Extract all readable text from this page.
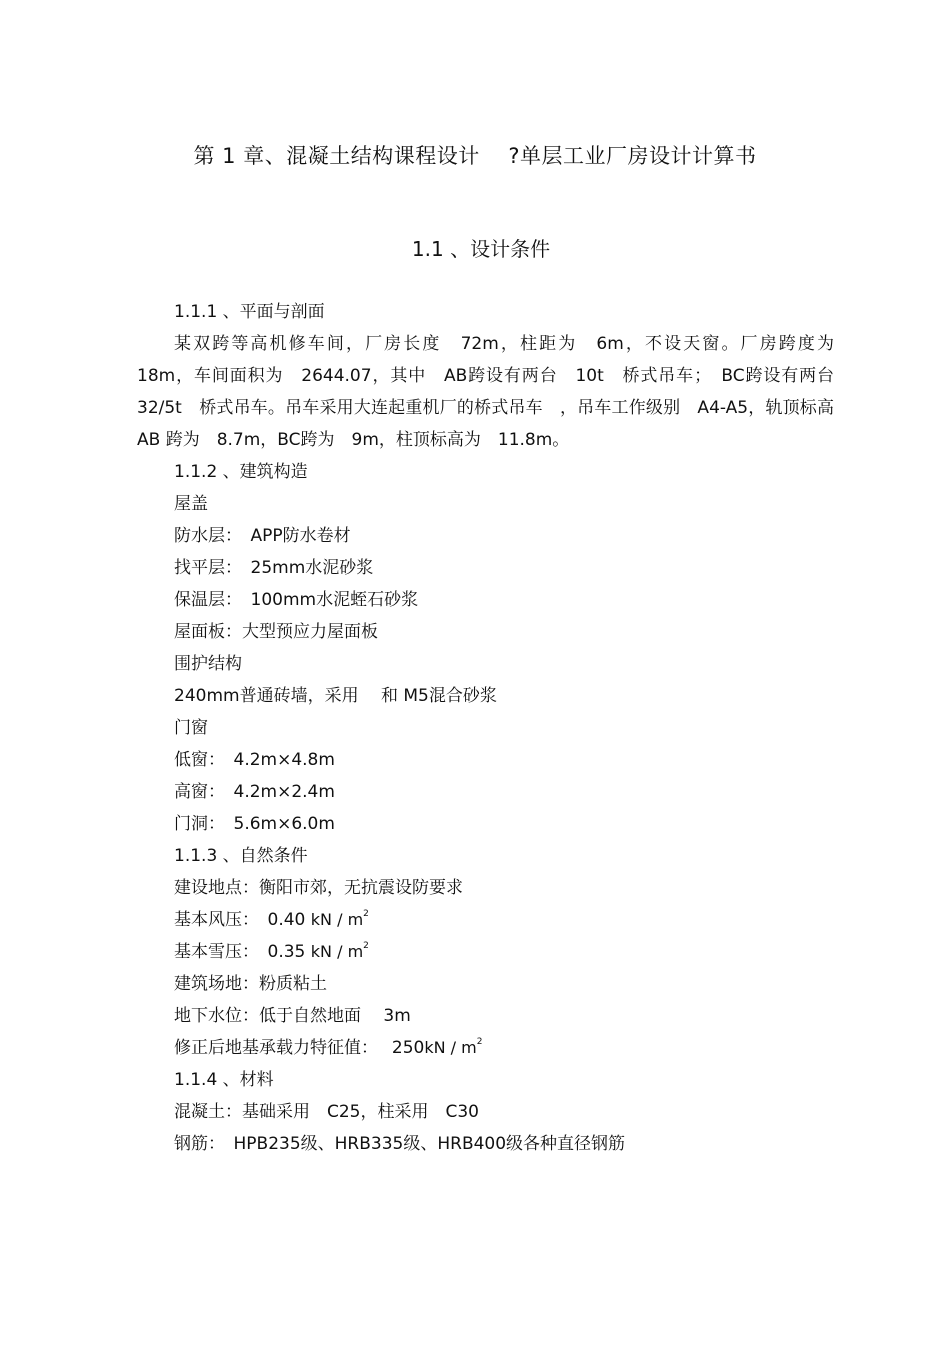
第 1 章、混凝土结构课程设计　 ?单层工业厂房设计计算书
1.1 、设计条件
1.1.1 、平面与剖面

某双跨等高机修车间，厂房长度　72m，柱距为　6m，不设天窗。厂房跨度为　18m，车间面积为　2644.07，其中　AB跨设有两台　10t　桥式吊车；　BC跨设有两台　32/5t　桥式吊车。吊车采用大连起重机厂的桥式吊车　，吊车工作级别　A4-A5，轨顶标高　AB 跨为　8.7m，BC跨为　9m，柱顶标高为　11.8m。

1.1.2 、建筑构造
屋盖
防水层：　APP防水卷材
找平层：　25mm水泥砂浆
保温层：　100mm水泥蛭石砂浆
屋面板：大型预应力屋面板
围护结构
240mm普通砖墙，采用　 和 M5混合砂浆
门窗
低窗：　4.2m×4.8m
高窗：　4.2m×2.4m
门洞：　5.6m×6.0m
1.1.3 、自然条件
建设地点：衡阳市郊，无抗震设防要求
基本风压：　0.40 kN / $m^2$
基本雪压：　0.35 kN / $m^2$
建筑场地：粉质粘土
地下水位：低于自然地面　 3m
修正后地基承载力特征值：　 $250kN / m^2$
1.1.4 、材料
混凝土：基础采用　C25，柱采用　C30
钢筋：　HPB235级、HRB335级、HRB400级各种直径钢筋
